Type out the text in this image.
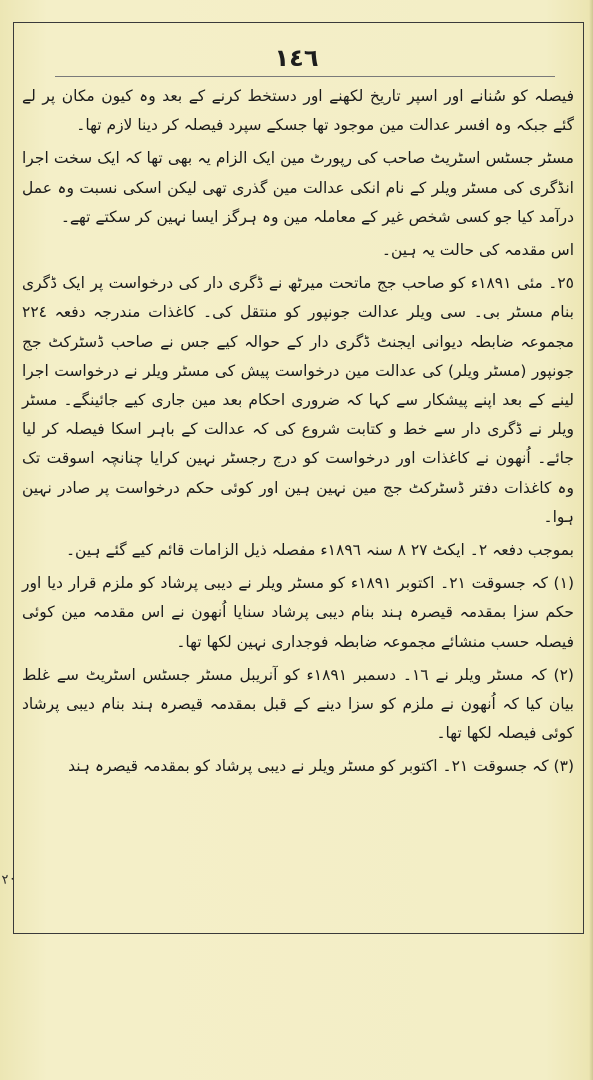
١٤٦

فیصلہ کو سُنانے اور اسپر تاریخ لکھنے اور دستخط کرنے کے بعد وہ کیون مکان پر لے گئے جبکہ وہ افسر عدالت مین موجود تھا جسکے سپرد فیصلہ کر دینا لازم تھا۔

مسٹر جسٹس اسٹریٹ صاحب کی رپورٹ مین ایک الزام یہ بھی تھا کہ ایک سخت اجرا انڈگری کی مسٹر ویلر کے نام انکی عدالت مین گذری تھی لیکن اسکی نسبت وہ عمل درآمد کیا جو کسی شخص غیر کے معاملہ مین وہ ہرگز ایسا نہین کر سکتے تھے۔

اس مقدمہ کی حالت یہ ہین۔

٢٥۔ مئی ١٨٩١ء کو صاحب جج ماتحت میرٹھ نے ڈگری دار کی درخواست پر ایک ڈگری بنام مسٹر بی۔ سی ویلر عدالت جونپور کو منتقل کی۔ کاغذات مندرجہ دفعہ ٢٢٤ مجموعہ ضابطہ دیوانی ایجنٹ ڈگری دار کے حوالہ کیے جس نے صاحب ڈسٹرکٹ جج جونپور (مسٹر ویلر) کی عدالت مین درخواست پیش کی مسٹر ویلر نے درخواست اجرا لینے کے بعد اپنے پیشکار سے کہا کہ ضروری احکام بعد مین جاری کیے جائینگے۔ مسٹر ویلر نے ڈگری دار سے خط و کتابت شروع کی کہ عدالت کے باہر اسکا فیصلہ کر لیا جائے۔ اُنھون نے کاغذات اور درخواست کو درج رجسٹر نہین کرایا چنانچہ اسوقت تک وہ کاغذات دفتر ڈسٹرکٹ جج مین نہین ہین اور کوئی حکم درخواست پر صادر نہین ہوا۔

بموجب دفعہ ٢۔ ایکٹ ٢٧ ٨ سنہ ١٨٩٦ء مفصلہ ذیل الزامات قائم کیے گئے ہین۔

(١) کہ جسوقت ٢١۔ اکتوبر ١٨٩١ء کو مسٹر ویلر نے دیبی پرشاد کو ملزم قرار دیا اور حکم سزا بمقدمہ قیصرہ ہند بنام دیبی پرشاد سنایا اُنھون نے اس مقدمہ مین کوئی فیصلہ حسب منشائے مجموعہ ضابطہ فوجداری نہین لکھا تھا۔

(٢) کہ مسٹر ویلر نے ١٦۔ دسمبر ١٨٩١ء کو آنریبل مسٹر جسٹس اسٹریٹ سے غلط بیان کیا کہ اُنھون نے ملزم کو سزا دینے کے قبل بمقدمہ قیصرہ ہند بنام دیبی پرشاد کوئی فیصلہ لکھا تھا۔

(٣) کہ جسوقت ٢١۔ اکتوبر کو مسٹر ویلر نے دیبی پرشاد کو بمقدمہ قیصرہ ہند

٢٠
